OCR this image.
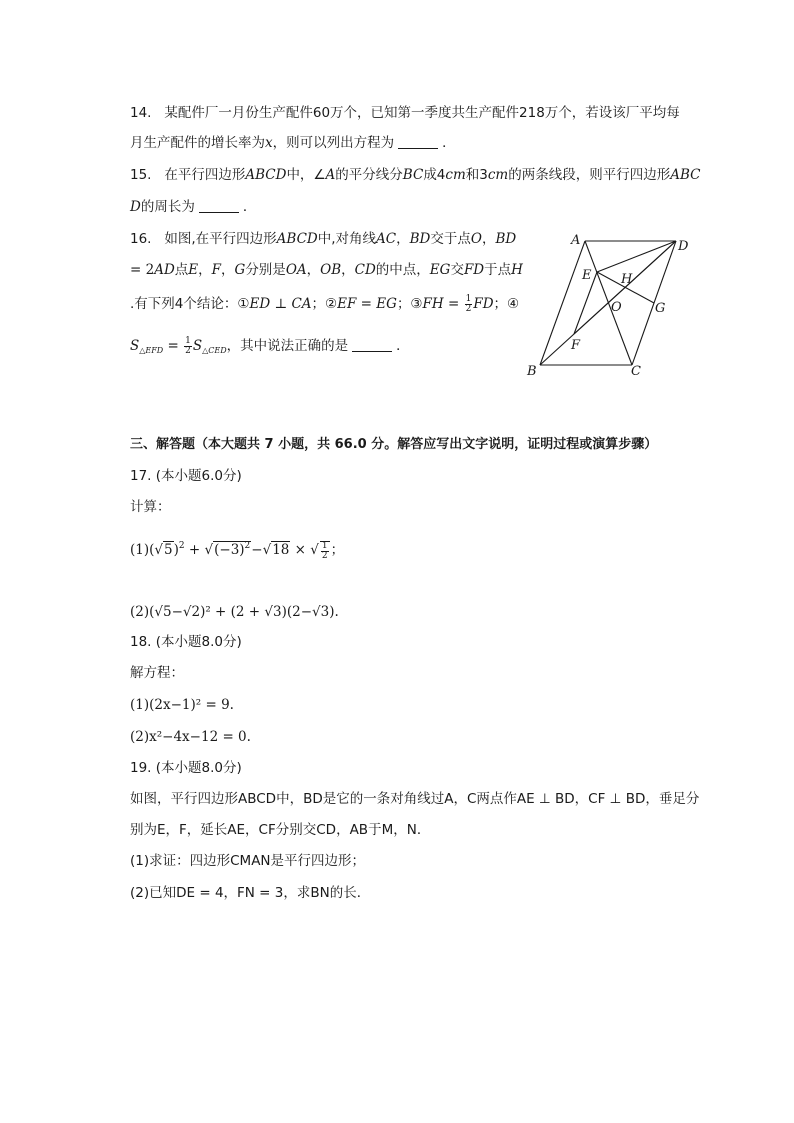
14. 某配件厂一月份生产配件60万个，已知第一季度共生产配件218万个，若设该厂平均每
月生产配件的增长率为x，则可以列出方程为	．
15. 在平行四边形ABCD中，∠A的平分线分BC成4cm和3cm的两条线段，则平行四边形ABC
D的周长为	．
16. 如图,在平行四边形ABCD中,对角线AC，BD交于点O，BD
= 2AD点E，F，G分别是OA，OB，CD的中点，EG交FD于点H
.有下列4个结论：①ED ⊥ CA；②EF = EG；③FH = $\frac{1}{2}$ FD；④
$S_{\triangle EFD} = \frac{1}{2} S_{\triangle CED}$，其中说法正确的是	．
A	D
E H
O	G
F
B	C
三、解答题（本大题共 7 小题，共 66.0 分。解答应写出文字说明，证明过程或演算步骤）
17. (本小题6.0分)
计算：
$(1)(√5)^2 + √(-3)^2-√18$ × √ $\frac{1}{2}$ ；
(2)(√5−√2)² + (2 + √3)(2−√3).
18. (本小题8.0分)
解方程：
(1)(2x−1)² = 9.
(2)x²−4x−12 = 0.
19. (本小题8.0分)
如图，平行四边形ABCD中，BD是它的一条对角线过A，C两点作AE ⊥ BD，CF ⊥ BD，垂足分
别为E，F，延长AE，CF分别交CD，AB于M，N．
(1)求证：四边形CMAN是平行四边形；
(2)已知DE = 4，FN = 3，求BN的长．
